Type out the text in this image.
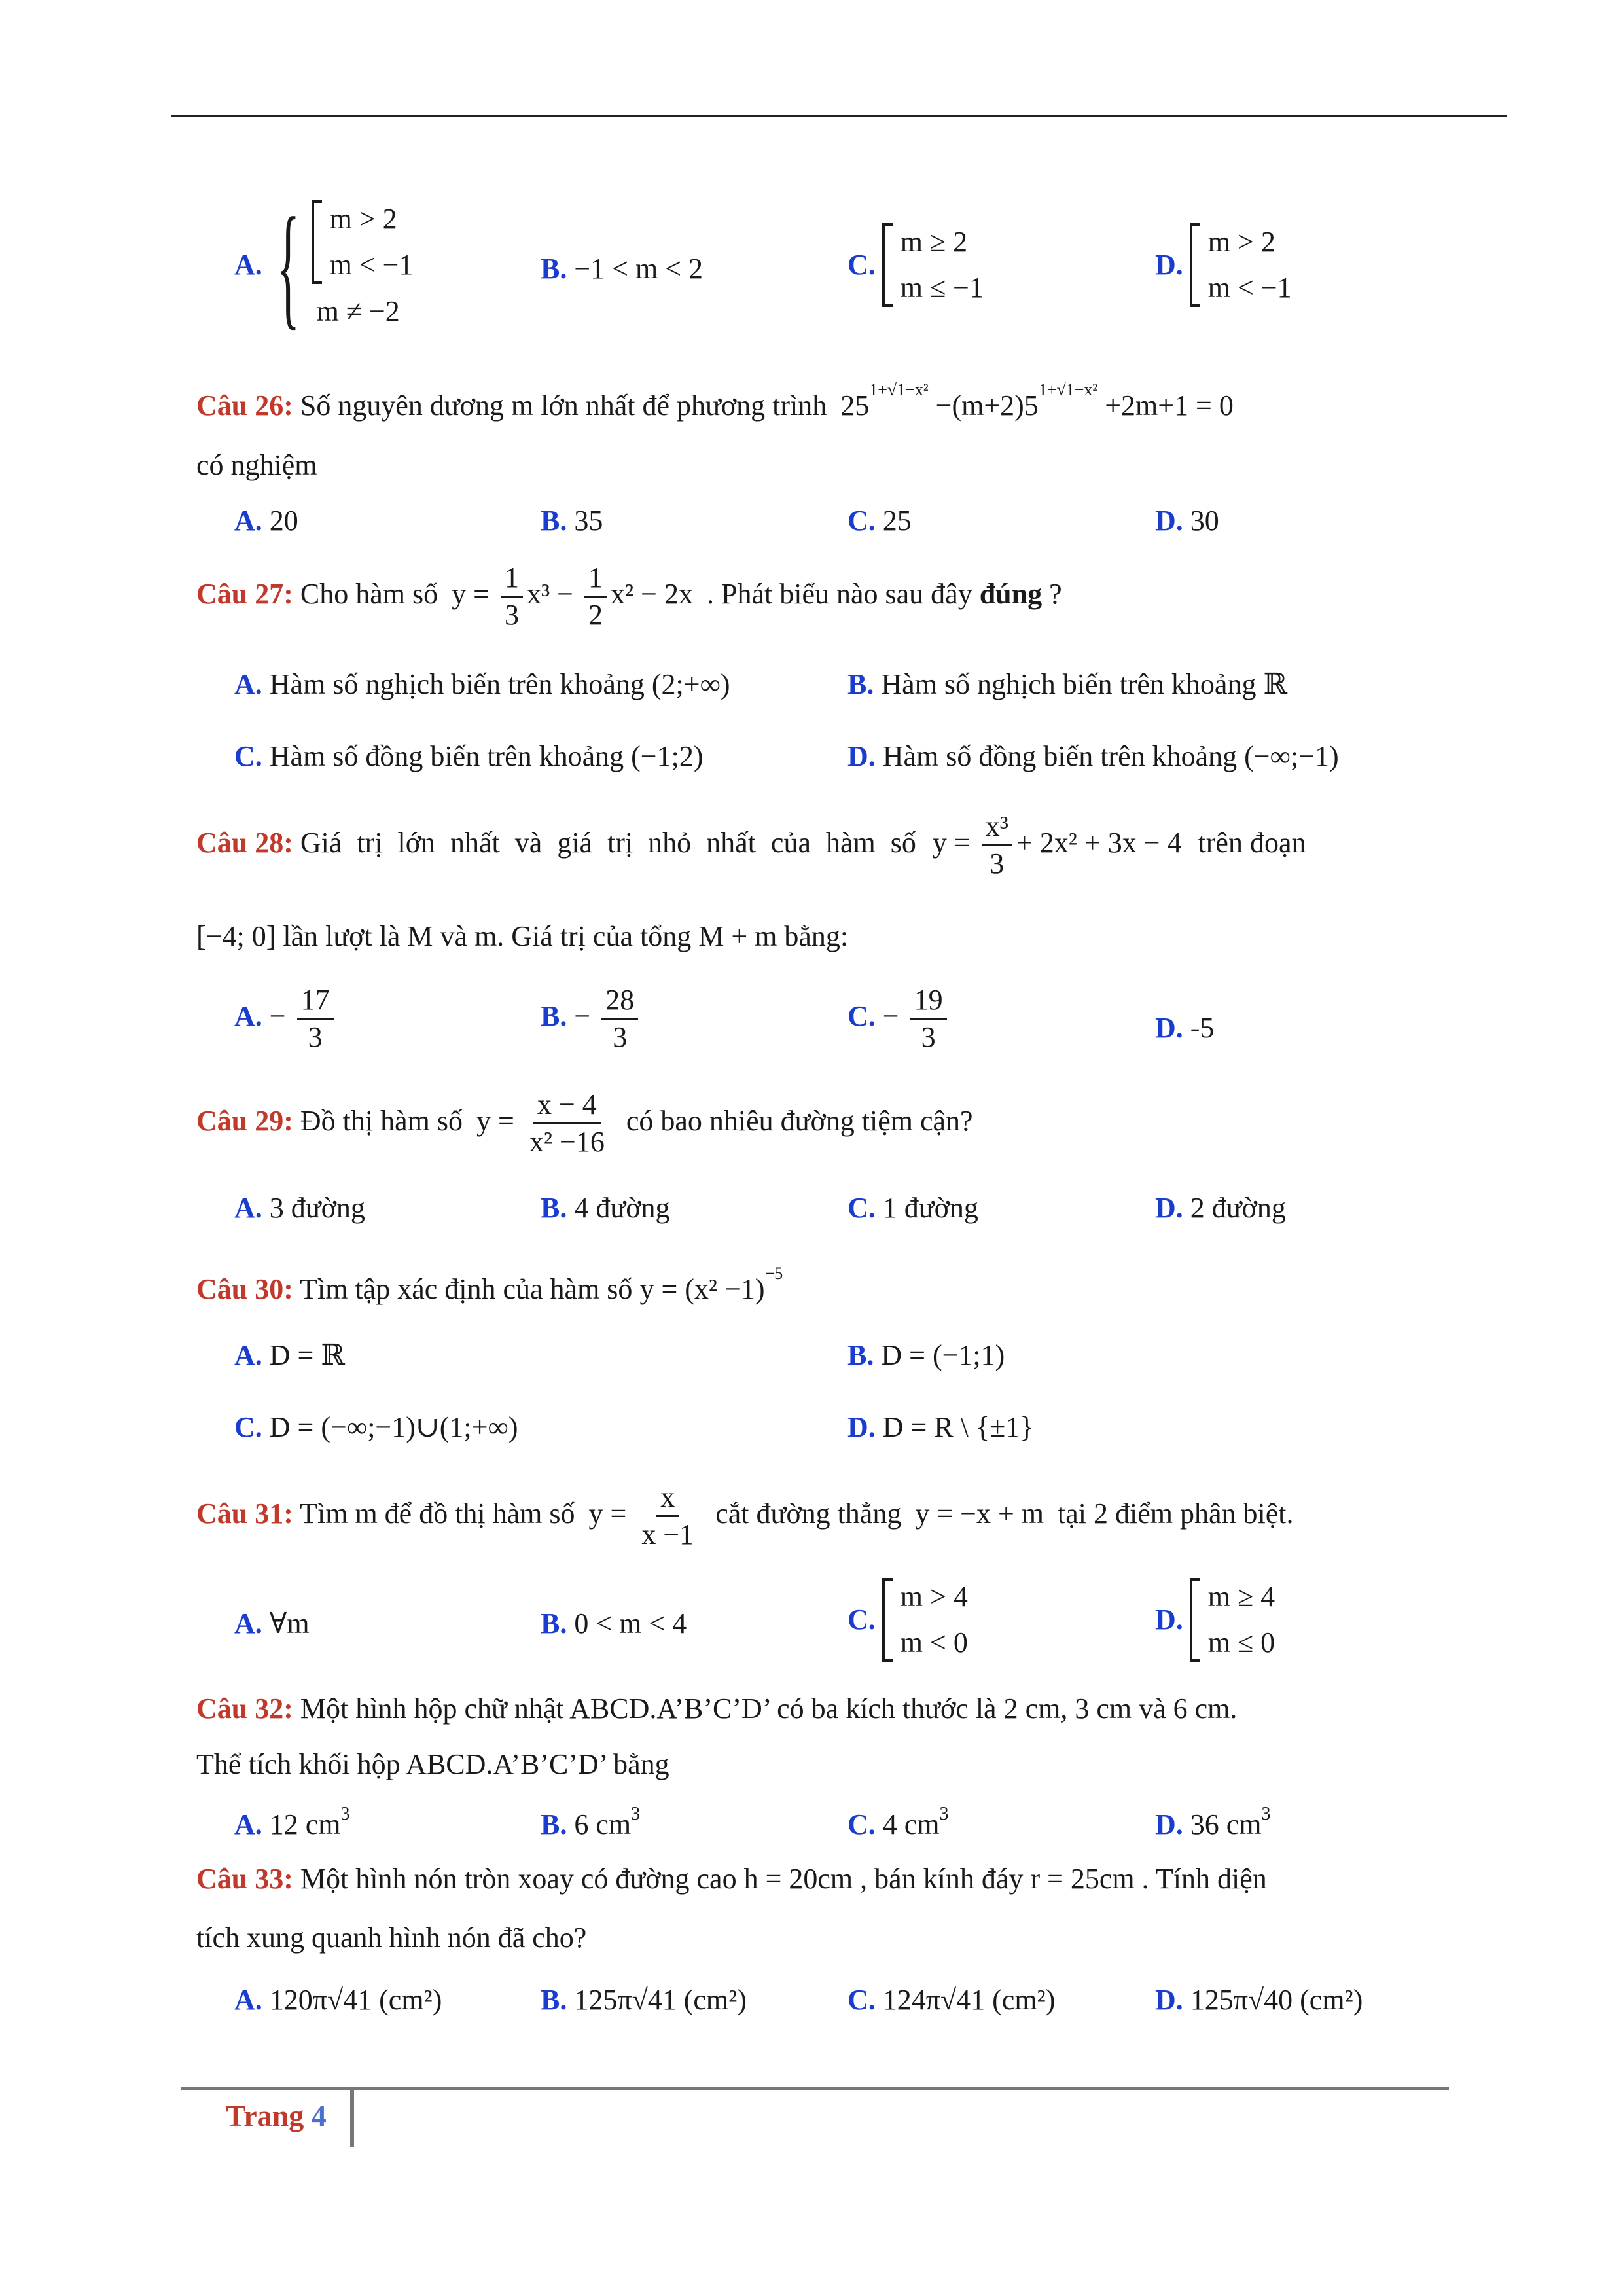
A. { m > 2
m < −1
m ≠ −2
B. −1 < m < 2	C.
m ≥ 2
m ≤ −1
D.
m > 2
m < −1
Câu 26: Số nguyên dương m lớn nhất để phương trình $25^{1+√1-x^2} -(m+2)5^{1+√1-x^2} +2m+1 = 0$
có nghiệm
A. 20	B. 35	C. 25	D. 30
Câu 27: Cho hàm số $y = \frac{1}{3} x^3 - \frac{1}{2} x^2 - 2x$ . Phát biểu nào sau đây đúng ?
A. Hàm số nghịch biến trên khoảng (2;+∞)	B. Hàm số nghịch biến trên khoảng ℝ
C. Hàm số đồng biến trên khoảng (−1;2)	D. Hàm số đồng biến trên khoảng (−∞;−1)
Câu 28: Giá trị lớn nhất và giá trị nhỏ nhất của hàm số $y = \frac{\text{x³}}{3} + 2x^2 + 3x - 4$ trên đoạn
[−4; 0] lần lượt là M và m. Giá trị của tổng M + m bằng:
A. − $\frac{17}{3}$	B. − $\frac{28}{3}$	C. − $\frac{19}{3}$	D. -5
Câu 29: Đồ thị hàm số $y = \frac{x - 4}{\text{x² −16}}$ có bao nhiêu đường tiệm cận?
A. 3 đường	B. 4 đường	C. 1 đường	D. 2 đường
Câu 30: Tìm tập xác định của hàm số $y = (x^2 -1)^{-5}$
A. D = ℝ	B. D = (−1;1)
C. D = (−∞;−1)∪(1;+∞)	D. D = R \ {±1}
Câu 31: Tìm m để đồ thị hàm số $y = \frac{x}{x -1}$ cắt đường thẳng y = −x + m tại 2 điểm phân biệt.
A. ∀m	B. 0 < m < 4	C.
m > 4
m < 0
D.
m ≥ 4
m ≤ 0
Câu 32: Một hình hộp chữ nhật ABCD.A’B’C’D’ có ba kích thước là 2 cm, 3 cm và 6 cm.
Thể tích khối hộp ABCD.A’B’C’D’ bằng
A. 12 $cm^3$	B. 6 $cm^3$	C. 4 $cm^3$	D. 36 $cm^3$
Câu 33: Một hình nón tròn xoay có đường cao h = 20cm , bán kính đáy r = 25cm . Tính diện
tích xung quanh hình nón đã cho?
A. 120π√41 (cm²)	B. 125π√41 (cm²)	C. 124π√41 (cm²)	D. 125π√40 (cm²)
Trang 4
